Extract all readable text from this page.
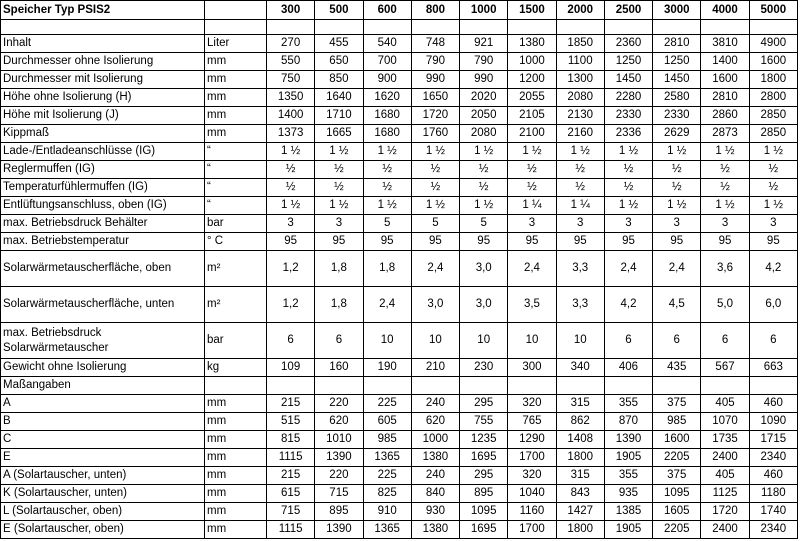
Speicher Typ PSIS2		300	500	600	800	1000	1500	2000	2500	3000	4000	5000

Inhalt	Liter	270	455	540	748	921	1380	1850	2360	2810	3810	4900
Durchmesser ohne Isolierung	mm	550	650	700	790	790	1000	1100	1250	1250	1400	1600
Durchmesser mit Isolierung	mm	750	850	900	990	990	1200	1300	1450	1450	1600	1800
Höhe ohne Isolierung (H)	mm	1350	1640	1620	1650	2020	2055	2080	2280	2580	2810	2800
Höhe mit Isolierung (J)	mm	1400	1710	1680	1720	2050	2105	2130	2330	2330	2860	2850
Kippmaß	mm	1373	1665	1680	1760	2080	2100	2160	2336	2629	2873	2850
Lade-/Entladeanschlüsse (IG)	“	1 ½	1 ½	1 ½	1 ½	1 ½	1 ½	1 ½	1 ½	1 ½	1 ½	1 ½
Reglermuffen (IG)	“	½	½	½	½	½	½	½	½	½	½	½
Temperaturfühlermuffen (IG)	“	½	½	½	½	½	½	½	½	½	½	½
Entlüftungsanschluss, oben (IG)	“	1 ½	1 ½	1 ½	1 ½	1 ½	1 ¼	1 ¼	1 ½	1 ½	1 ½	1 ½
max. Betriebsdruck Behälter	bar	3	3	5	5	5	3	3	3	3	3	3
max. Betriebstemperatur	° C	95	95	95	95	95	95	95	95	95	95	95
Solarwärmetauscherfläche, oben	m²	1,2	1,8	1,8	2,4	3,0	2,4	3,3	2,4	2,4	3,6	4,2
Solarwärmetauscherfläche, unten	m²	1,2	1,8	2,4	3,0	3,0	3,5	3,3	4,2	4,5	5,0	6,0
max. Betriebsdruck Solarwärmetauscher	bar	6	6	10	10	10	10	10	6	6	6	6
Gewicht ohne Isolierung	kg	109	160	190	210	230	300	340	406	435	567	663
Maßangaben												
A	mm	215	220	225	240	295	320	315	355	375	405	460
B	mm	515	620	605	620	755	765	862	870	985	1070	1090
C	mm	815	1010	985	1000	1235	1290	1408	1390	1600	1735	1715
E	mm	1115	1390	1365	1380	1695	1700	1800	1905	2205	2400	2340
A (Solartauscher, unten)	mm	215	220	225	240	295	320	315	355	375	405	460
K (Solartauscher, unten)	mm	615	715	825	840	895	1040	843	935	1095	1125	1180
L (Solartauscher, oben)	mm	715	895	910	930	1095	1160	1427	1385	1605	1720	1740
E (Solartauscher, oben)	mm	1115	1390	1365	1380	1695	1700	1800	1905	2205	2400	2340
